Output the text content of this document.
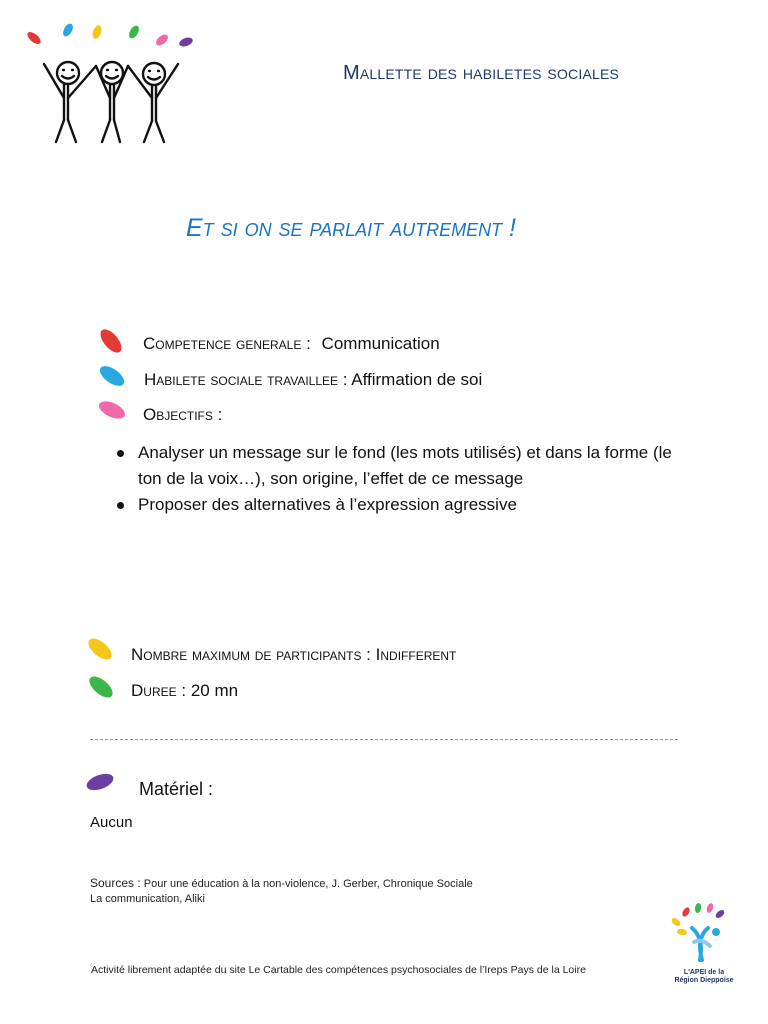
Mallette des habiletes sociales
Et si on se parlait autrement !
Competence generale : Communication
Habilete sociale travaillee : Affirmation de soi
Objectifs :
Analyser un message sur le fond (les mots utilisés) et dans la forme (le ton de la voix…), son origine, l’effet de ce message
Proposer des alternatives à l’expression agressive
Nombre maximum de participants : Indifferent
Duree : 20 mn
Matériel :
Aucun
Sources : Pour une éducation à la non-violence, J. Gerber, Chronique Sociale
La communication, Aliki
Activité librement adaptée du site Le Cartable des compétences psychosociales de l’Ireps Pays de la Loire	L'APEI de la
Région Dieppoise
